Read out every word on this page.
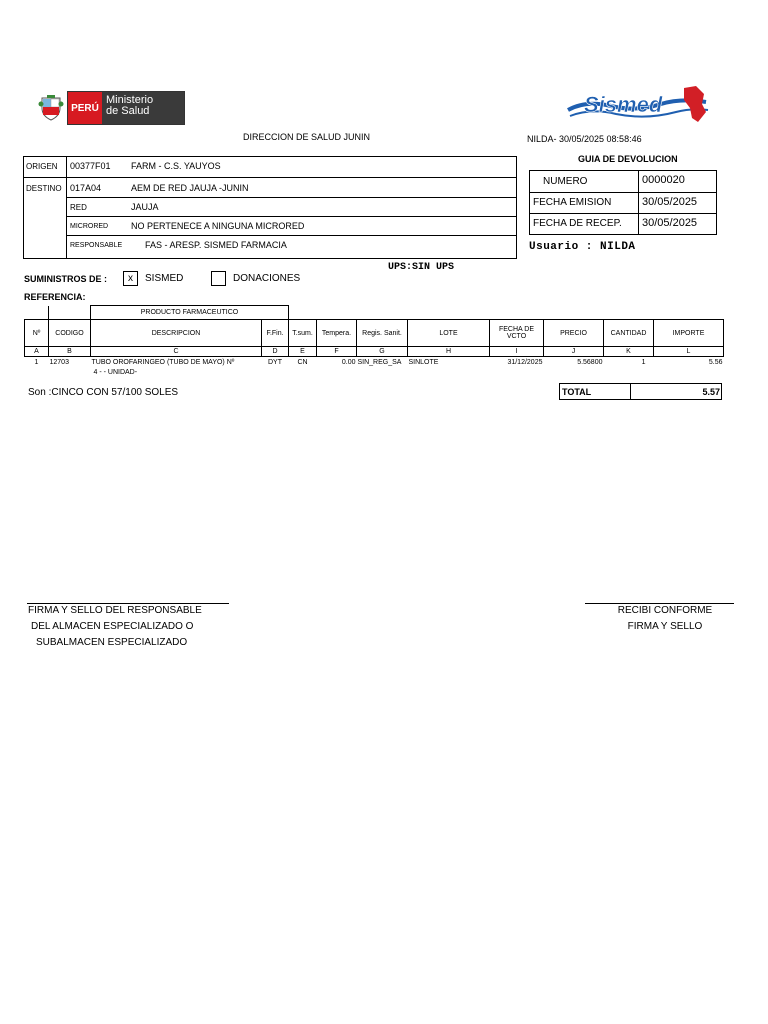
PERÚ
Ministerio
de Salud	Sismed
DIRECCION DE SALUD JUNIN	NILDA- 30/05/2025 08:58:46
GUIA DE DEVOLUCION
ORIGEN 00377F01 FARM - C.S. YAUYOS
DESTINO 017A04	AEM DE RED JAUJA -JUNIN
RED	JAUJA
MICRORED	NO PERTENECE A NINGUNA MICRORED
RESPONSABLE	FAS - ARESP. SISMED FARMACIA
NUMERO	0000020
FECHA EMISION	30/05/2025
FECHA DE RECEP. 30/05/2025
Usuario : NILDA
UPS:SIN UPS
SUMINISTROS DE :	x	SISMED	DONACIONES
REFERENCIA:
		PRODUCTO FARMACEUTICO									
Nº	CODIGO	DESCRIPCION	F.Fin.	T.sum.	Tempera.	Regis. Sanit.	LOTE	FECHA DE VCTO	PRECIO	CANTIDAD	IMPORTE
A	B	C	D	E	F	G	H	I	J	K	L
1	12703	TUBO OROFARINGEO (TUBO DE MAYO) Nº	DYT	CN	0.00	SIN_REG_SA	SINLOTE	31/12/2025	5.56800	1	5.56
		4 - - UNIDAD-									
Son :CINCO CON 57/100 SOLES	TOTAL	5.57
FIRMA Y SELLO DEL RESPONSABLE
DEL ALMACEN ESPECIALIZADO O
SUBALMACEN ESPECIALIZADO
RECIBI CONFORME
FIRMA Y SELLO
